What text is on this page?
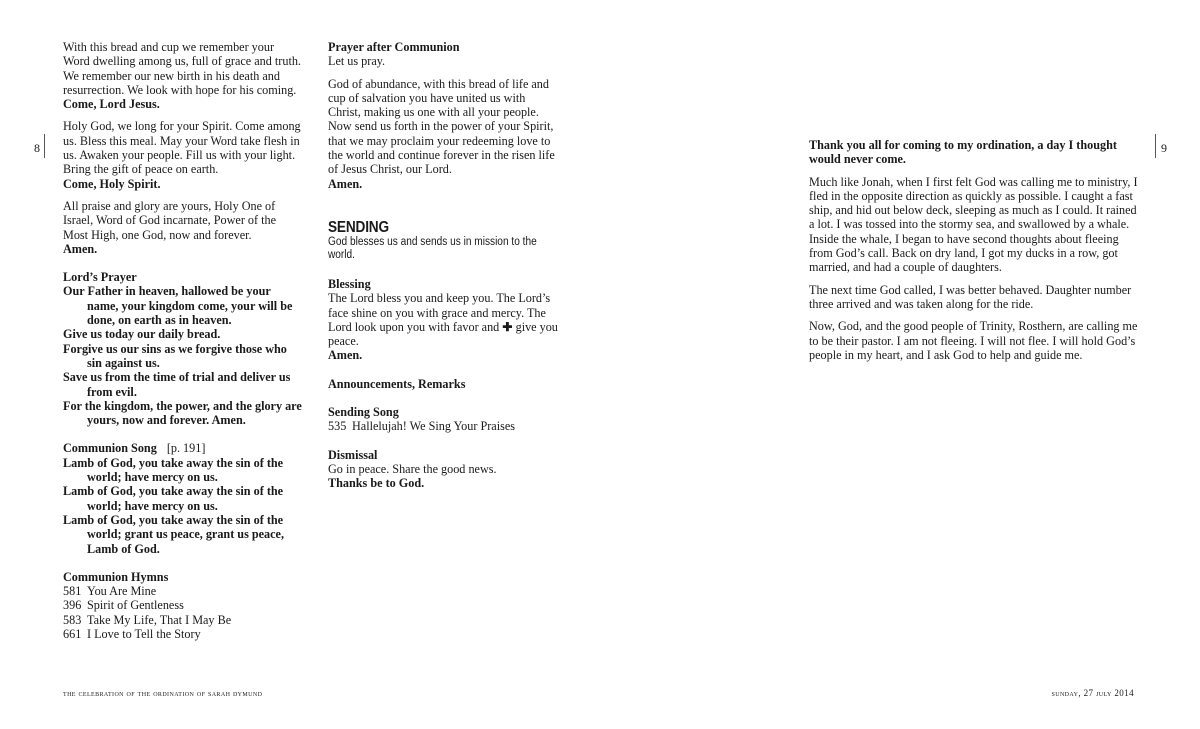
8	9

With this bread and cup we remember your Word dwelling among us, full of grace and truth. We remember our new birth in his death and resurrection. We look with hope for his coming.

Come, Lord Jesus.

Holy God, we long for your Spirit. Come among us. Bless this meal. May your Word take flesh in us. Awaken your people. Fill us with your light. Bring the gift of peace on earth.

Come, Holy Spirit.

All praise and glory are yours, Holy One of Israel, Word of God incarnate, Power of the Most High, one God, now and forever.

Amen.

Lord’s Prayer

Our Father in heaven, hallowed be your name, your kingdom come, your will be done, on earth as in heaven.

Give us today our daily bread.

Forgive us our sins as we forgive those who sin against us.

Save us from the time of trial and deliver us from evil.

For the kingdom, the power, and the glory are yours, now and forever. Amen.

Communion Song [p. 191]

Lamb of God, you take away the sin of the world; have mercy on us.

Lamb of God, you take away the sin of the world; have mercy on us.

Lamb of God, you take away the sin of the world; grant us peace, grant us peace, Lamb of God.

Communion Hymns

581 You Are Mine

396 Spirit of Gentleness

583 Take My Life, That I May Be

661 I Love to Tell the Story

Prayer after Communion

Let us pray.

God of abundance, with this bread of life and cup of salvation you have united us with Christ, making us one with all your people. Now send us forth in the power of your Spirit, that we may proclaim your redeeming love to the world and continue forever in the risen life of Jesus Christ, our Lord.

Amen.

SENDING

God blesses us and sends us in mission to the world.

Blessing

The Lord bless you and keep you. The Lord’s face shine on you with grace and mercy. The Lord look upon you with favor and ✚ give you peace.

Amen.

Announcements, Remarks

Sending Song

535 Hallelujah! We Sing Your Praises

Dismissal

Go in peace. Share the good news.

Thanks be to God.

Thank you all for coming to my ordination, a day I thought would never come.

Much like Jonah, when I first felt God was calling me to ministry, I fled in the opposite direction as quickly as possible. I caught a fast ship, and hid out below deck, sleeping as much as I could. It rained a lot. I was tossed into the stormy sea, and swallowed by a whale. Inside the whale, I began to have second thoughts about fleeing from God’s call. Back on dry land, I got my ducks in a row, got married, and had a couple of daughters.

The next time God called, I was better behaved. Daughter number three arrived and was taken along for the ride.

Now, God, and the good people of Trinity, Rosthern, are calling me to be their pastor. I am not fleeing. I will not flee. I will hold God’s people in my heart, and I ask God to help and guide me.

the celebration of the ordination of sarah dymund	sunday, 27 july 2014
